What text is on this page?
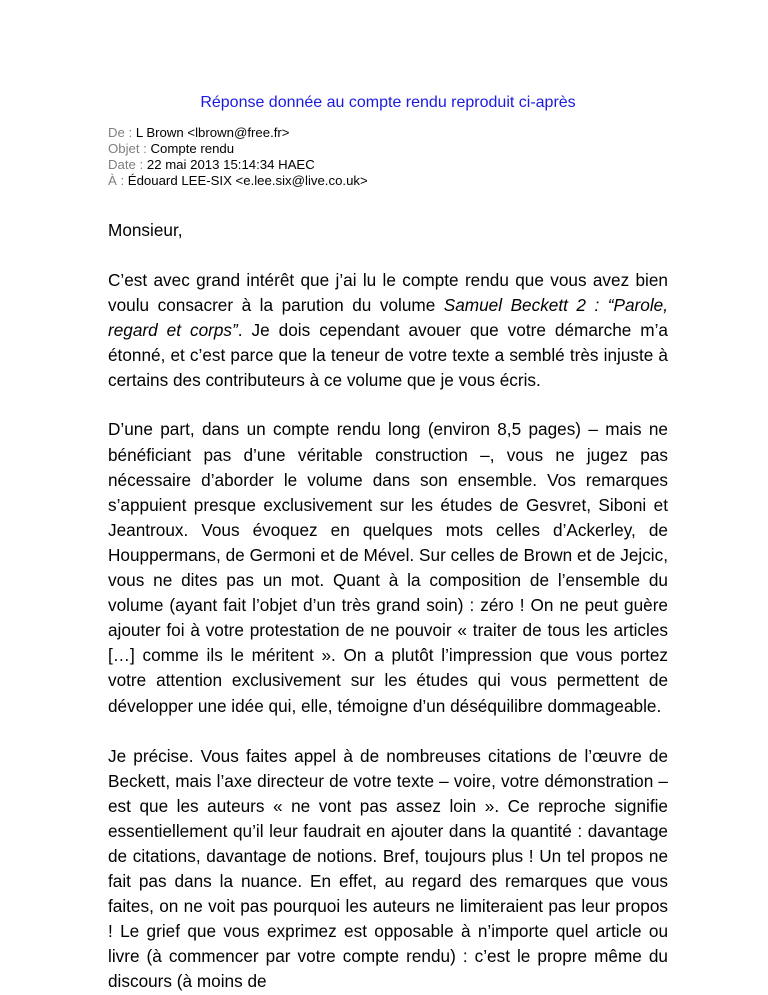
Réponse donnée au compte rendu reproduit ci-après
De : L Brown <lbrown@free.fr>
Objet : Compte rendu
Date : 22 mai 2013 15:14:34 HAEC
À : Édouard LEE-SIX <e.lee.six@live.co.uk>

Monsieur,

C’est avec grand intérêt que j’ai lu le compte rendu que vous avez bien voulu consacrer à la parution du volume Samuel Beckett 2 : “Parole, regard et corps”. Je dois cependant avouer que votre démarche m’a étonné, et c’est parce que la teneur de votre texte a semblé très injuste à certains des contributeurs à ce volume que je vous écris.

D’une part, dans un compte rendu long (environ 8,5 pages) – mais ne bénéficiant pas d’une véritable construction –, vous ne jugez pas nécessaire d’aborder le volume dans son ensemble. Vos remarques s’appuient presque exclusivement sur les études de Gesvret, Siboni et Jeantroux. Vous évoquez en quelques mots celles d’Ackerley, de Houppermans, de Germoni et de Mével. Sur celles de Brown et de Jejcic, vous ne dites pas un mot. Quant à la composition de l’ensemble du volume (ayant fait l’objet d’un très grand soin) : zéro ! On ne peut guère ajouter foi à votre protestation de ne pouvoir « traiter de tous les articles […] comme ils le méritent ». On a plutôt l’impression que vous portez votre attention exclusivement sur les études qui vous permettent de développer une idée qui, elle, témoigne d’un déséquilibre dommageable.

Je précise. Vous faites appel à de nombreuses citations de l’œuvre de Beckett, mais l’axe directeur de votre texte – voire, votre démonstration – est que les auteurs « ne vont pas assez loin ». Ce reproche signifie essentiellement qu’il leur faudrait en ajouter dans la quantité : davantage de citations, davantage de notions. Bref, toujours plus ! Un tel propos ne fait pas dans la nuance. En effet, au regard des remarques que vous faites, on ne voit pas pourquoi les auteurs ne limiteraient pas leur propos ! Le grief que vous exprimez est opposable à n’importe quel article ou livre (à commencer par votre compte rendu) : c’est le propre même du discours (à moins de
